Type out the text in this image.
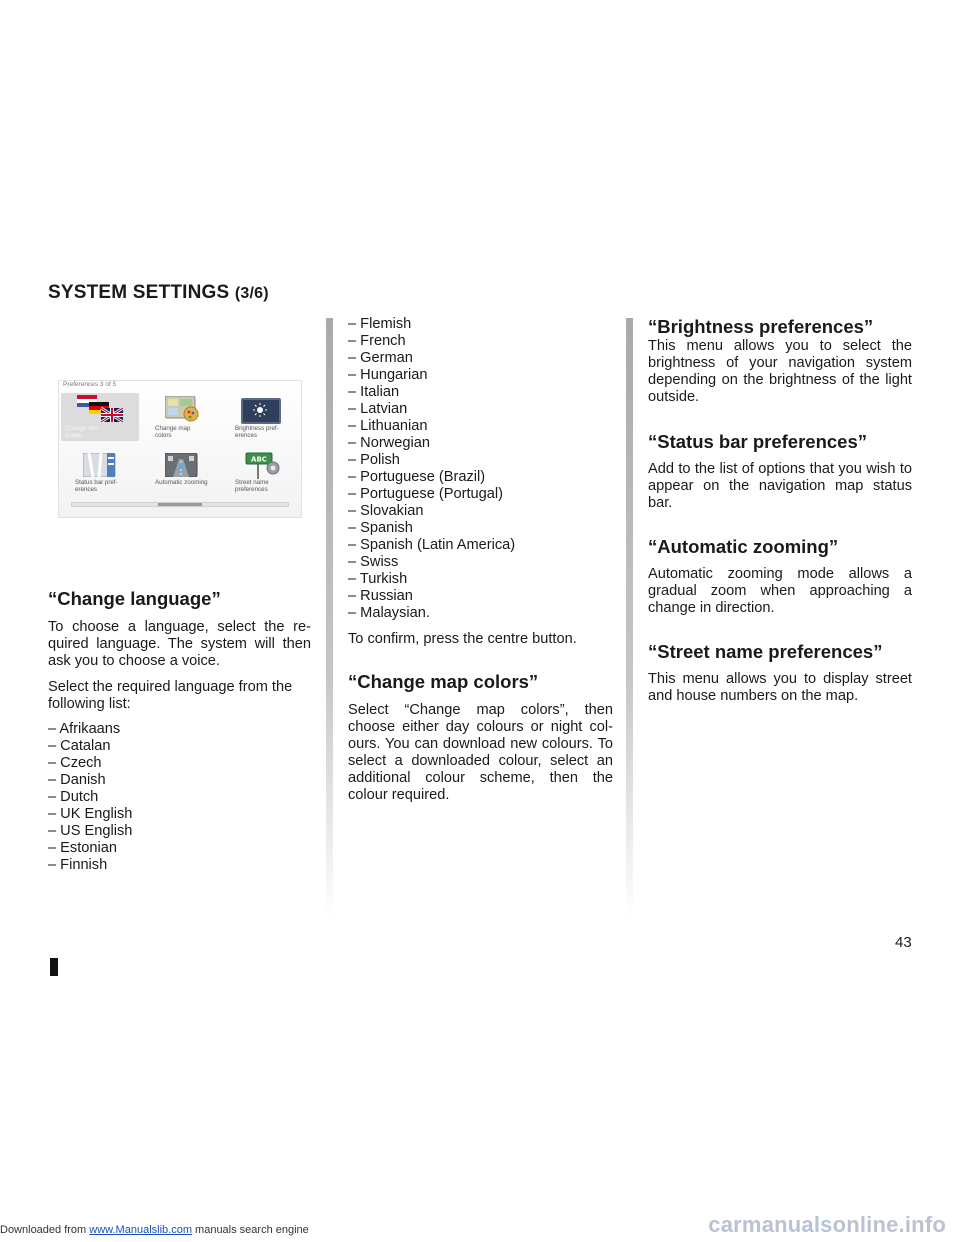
SYSTEM SETTINGS (3/6)
Preferences 3 of 5
Change lan-
guage
Change map
colors
Brightness pref-
erences
Status bar pref-
erences
Automatic zooming
ABC
Street name
preferences
“Change language”

To choose a language, select the re-quired language. The system will then ask you to choose a voice.

Select the required language from the following list:

– Afrikaans
– Catalan
– Czech
– Danish
– Dutch
– UK English
– US English
– Estonian
– Finnish
– Flemish
– French
– German
– Hungarian
– Italian
– Latvian
– Lithuanian
– Norwegian
– Polish
– Portuguese (Brazil)
– Portuguese (Portugal)
– Slovakian
– Spanish
– Spanish (Latin America)
– Swiss
– Turkish
– Russian
– Malaysian.

To confirm, press the centre button.

“Change map colors”

Select “Change map colors”, then choose either day colours or night col-ours. You can download new colours. To select a downloaded colour, select an additional colour scheme, then the colour required.

“Brightness preferences”

This menu allows you to select the brightness of your navigation system depending on the brightness of the light outside.

“Status bar preferences”

Add to the list of options that you wish to appear on the navigation map status bar.

“Automatic zooming”

Automatic zooming mode allows a gradual zoom when approaching a change in direction.

“Street name preferences”

This menu allows you to display street and house numbers on the map.

43
Downloaded from www.Manualslib.com manuals search engine	carmanualsonline.info
